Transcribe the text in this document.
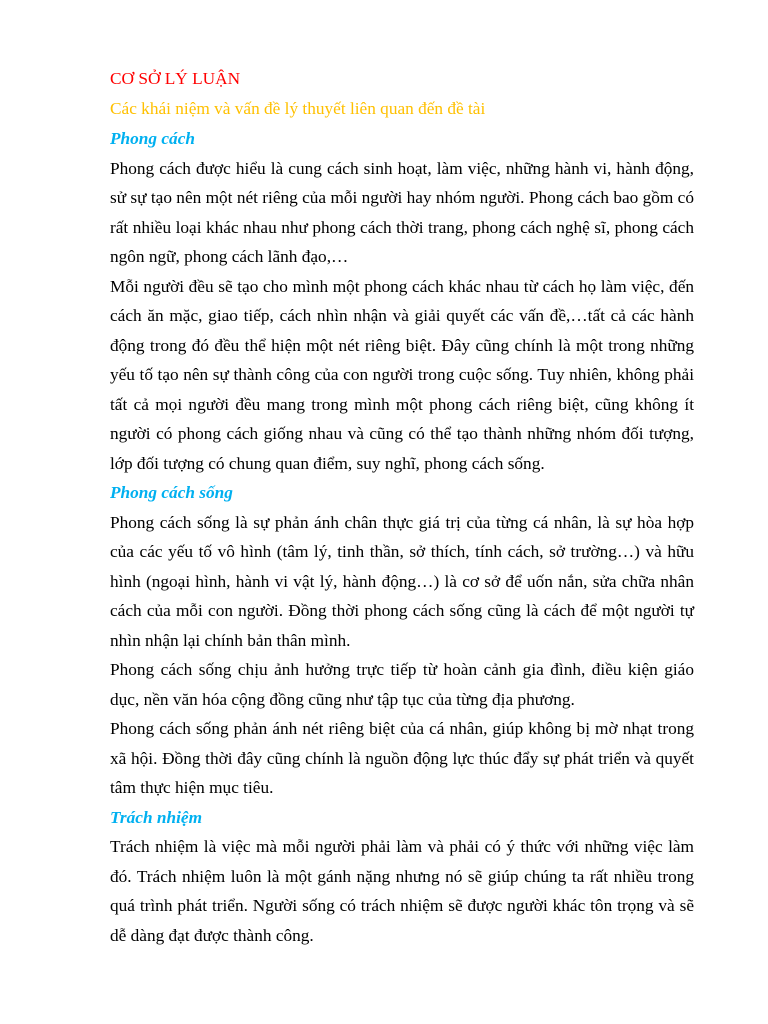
CƠ SỞ LÝ LUẬN
Các khái niệm và vấn đề lý thuyết liên quan đến đề tài
Phong cách

Phong cách được hiểu là cung cách sinh hoạt, làm việc, những hành vi, hành động, sử sự tạo nên một nét riêng của mỗi người hay nhóm người. Phong cách bao gồm có rất nhiều loại khác nhau như phong cách thời trang, phong cách nghệ sĩ, phong cách ngôn ngữ, phong cách lãnh đạo,…

Mỗi người đều sẽ tạo cho mình một phong cách khác nhau từ cách họ làm việc, đến cách ăn mặc, giao tiếp, cách nhìn nhận và giải quyết các vấn đề,…tất cả các hành động trong đó đều thể hiện một nét riêng biệt. Đây cũng chính là một trong những yếu tố tạo nên sự thành công của con người trong cuộc sống. Tuy nhiên, không phải tất cả mọi người đều mang trong mình một phong cách riêng biệt, cũng không ít người có phong cách giống nhau và cũng có thể tạo thành những nhóm đối tượng, lớp đối tượng có chung quan điểm, suy nghĩ, phong cách sống.

Phong cách sống

Phong cách sống là sự phản ánh chân thực giá trị của từng cá nhân, là sự hòa hợp của các yếu tố vô hình (tâm lý, tinh thần, sở thích, tính cách, sở trường…) và hữu hình (ngoại hình, hành vi vật lý, hành động…) là cơ sở để uốn nắn, sửa chữa nhân cách của mỗi con người. Đồng thời phong cách sống cũng là cách để một người tự nhìn nhận lại chính bản thân mình.

Phong cách sống chịu ảnh hưởng trực tiếp từ hoàn cảnh gia đình, điều kiện giáo dục, nền văn hóa cộng đồng cũng như tập tục của từng địa phương.

Phong cách sống phản ánh nét riêng biệt của cá nhân, giúp không bị mờ nhạt trong xã hội. Đồng thời đây cũng chính là nguồn động lực thúc đẩy sự phát triển và quyết tâm thực hiện mục tiêu.

Trách nhiệm

Trách nhiệm là việc mà mỗi người phải làm và phải có ý thức với những việc làm đó. Trách nhiệm luôn là một gánh nặng nhưng nó sẽ giúp chúng ta rất nhiều trong quá trình phát triển. Người sống có trách nhiệm sẽ được người khác tôn trọng và sẽ dễ dàng đạt được thành công.
